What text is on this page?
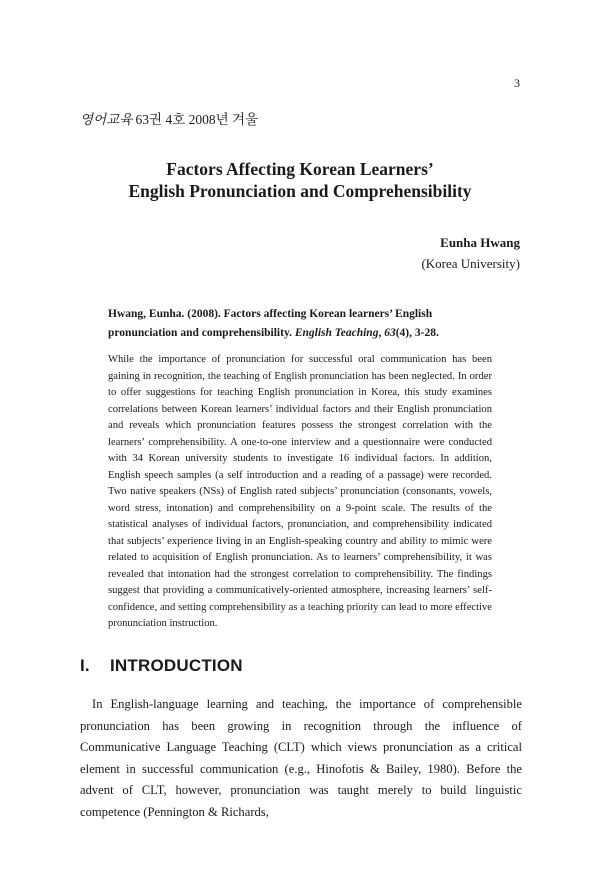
3
영어교육 63권 4호 2008년 겨울
Factors Affecting Korean Learners’
English Pronunciation and Comprehensibility
Eunha Hwang
(Korea University)
Hwang, Eunha. (2008). Factors affecting Korean learners’ English pronunciation and comprehensibility. English Teaching, 63(4), 3-28.
While the importance of pronunciation for successful oral communication has been gaining in recognition, the teaching of English pronunciation has been neglected. In order to offer suggestions for teaching English pronunciation in Korea, this study examines correlations between Korean learners’ individual factors and their English pronunciation and reveals which pronunciation features possess the strongest correlation with the learners’ comprehensibility. A one-to-one interview and a questionnaire were conducted with 34 Korean university students to investigate 16 individual factors. In addition, English speech samples (a self introduction and a reading of a passage) were recorded. Two native speakers (NSs) of English rated subjects’ pronunciation (consonants, vowels, word stress, intonation) and comprehensibility on a 9-point scale. The results of the statistical analyses of individual factors, pronunciation, and comprehensibility indicated that subjects’ experience living in an English-speaking country and ability to mimic were related to acquisition of English pronunciation. As to learners’ comprehensibility, it was revealed that intonation had the strongest correlation to comprehensibility. The findings suggest that providing a communicatively-oriented atmosphere, increasing learners’ self-confidence, and setting comprehensibility as a teaching priority can lead to more effective pronunciation instruction.
I. INTRODUCTION
In English-language learning and teaching, the importance of comprehensible pronunciation has been growing in recognition through the influence of Communicative Language Teaching (CLT) which views pronunciation as a critical element in successful communication (e.g., Hinofotis & Bailey, 1980). Before the advent of CLT, however, pronunciation was taught merely to build linguistic competence (Pennington & Richards,
